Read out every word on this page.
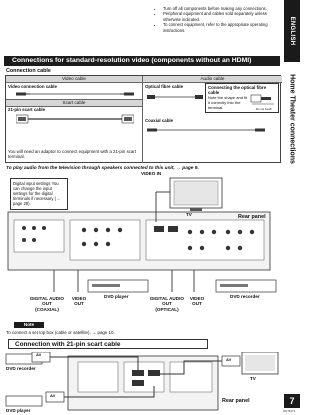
ENGLISH
Home Theater connections
• Turn off all components before making any connections.
• Peripheral equipment and cables sold separately unless otherwise indicated.
• To connect equipment, refer to the appropriate operating instructions.
Connections for standard-resolution video (components without an HDMI)
Connection cable
Video cable	Audio cable
Video connection cable
Scart cable
21-pin scart cable
You will need an adaptor to connect equipment with a 21-pin scart terminal.
Optical fibre cable	Connecting the optical fibre cable
Note the shape and fit it correctly into the terminal.	Do not bend!
Coaxial cable
To play audio from the television through speakers connected to this unit, → page 9.
Digital input settings You can change the input settings for the digital terminals if necessary (→ page 28).
VIDEO IN
TV	Rear panel
DIGITAL AUDIO OUT (COAXIAL)
VIDEO OUT
DVD player	DIGITAL AUDIO OUT (OPTICAL)
VIDEO OUT
DVD recorder
Note
To connect a set top box (cable or satellite), → page 10.
Connection with 21-pin scart cable
AV
AV
AV
DVD recorder
DVD player
TV
Rear panel	7
RQT9172
